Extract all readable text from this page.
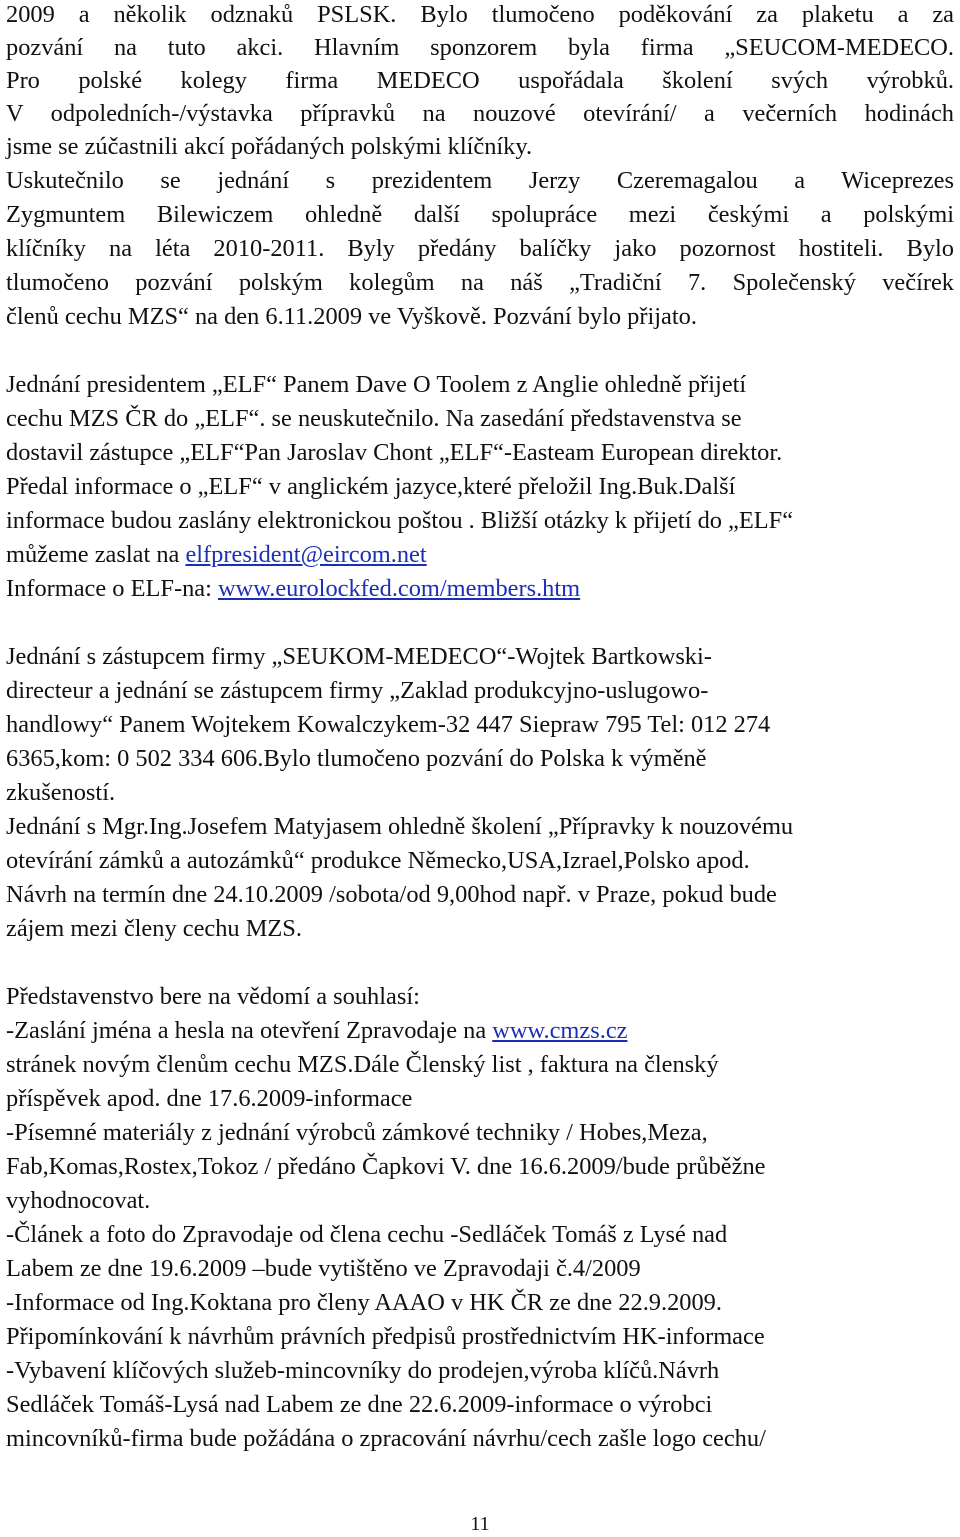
2009 a několik odznaků PSLSK. Bylo tlumočeno poděkování za plaketu a za
pozvání na tuto akci. Hlavním sponzorem byla firma „SEUCOM-MEDECO.
Pro polské kolegy firma MEDECO uspořádala školení svých výrobků.
V odpoledních-/výstavka přípravků na nouzové otevírání/ a večerních hodinách
jsme se zúčastnili akcí pořádaných polskými klíčníky.
Uskutečnilo se jednání s prezidentem Jerzy Czeremagalou a Wiceprezes
Zygmuntem Bilewiczem ohledně další spolupráce mezi českými a polskými
klíčníky na léta 2010-2011. Byly předány balíčky jako pozornost hostiteli. Bylo
tlumočeno pozvání polským kolegům na náš „Tradiční 7. Společenský večírek
členů cechu MZS“ na den 6.11.2009 ve Vyškově. Pozvání bylo přijato.
Jednání presidentem „ELF“ Panem Dave O Toolem z Anglie ohledně přijetí
cechu MZS ČR do „ELF“. se neuskutečnilo. Na zasedání představenstva se
dostavil zástupce „ELF“Pan Jaroslav Chont „ELF“-Easteam European direktor.
Předal informace o „ELF“ v anglickém jazyce,které přeložil Ing.Buk.Další
informace budou zaslány elektronickou poštou . Bližší otázky k přijetí do „ELF“
můžeme zaslat na elfpresident@eircom.net
Informace o ELF-na: www.eurolockfed.com/members.htm
Jednání s zástupcem firmy „SEUKOM-MEDECO“-Wojtek Bartkowski-
directeur a jednání se zástupcem firmy „Zaklad produkcyjno-uslugowo-
handlowy“ Panem Wojtekem Kowalczykem-32 447 Siepraw 795 Tel: 012 274
6365,kom: 0 502 334 606.Bylo tlumočeno pozvání do Polska k výměně
zkušeností.
Jednání s Mgr.Ing.Josefem Matyjasem ohledně školení „Přípravky k nouzovému
otevírání zámků a autozámků“ produkce Německo,USA,Izrael,Polsko apod.
Návrh na termín dne 24.10.2009 /sobota/od 9,00hod např. v Praze, pokud bude
zájem mezi členy cechu MZS.
Představenstvo bere na vědomí a souhlasí:
-Zaslání jména a hesla na otevření Zpravodaje na www.cmzs.cz
stránek novým členům cechu MZS.Dále Členský list , faktura na členský
příspěvek apod. dne 17.6.2009-informace
-Písemné materiály z jednání výrobců zámkové techniky / Hobes,Meza,
Fab,Komas,Rostex,Tokoz / předáno Čapkovi V. dne 16.6.2009/bude průběžne
vyhodnocovat.
-Článek a foto do Zpravodaje od člena cechu -Sedláček Tomáš z Lysé nad
Labem ze dne 19.6.2009 –bude vytištěno ve Zpravodaji č.4/2009
-Informace od Ing.Koktana pro členy AAAO v HK ČR ze dne 22.9.2009.
Připomínkování k návrhům právních předpisů prostřednictvím HK-informace
-Vybavení klíčových služeb-mincovníky do prodejen,výroba klíčů.Návrh
Sedláček Tomáš-Lysá nad Labem ze dne 22.6.2009-informace o výrobci
mincovníků-firma bude požádána o zpracování návrhu/cech zašle logo cechu/
11
